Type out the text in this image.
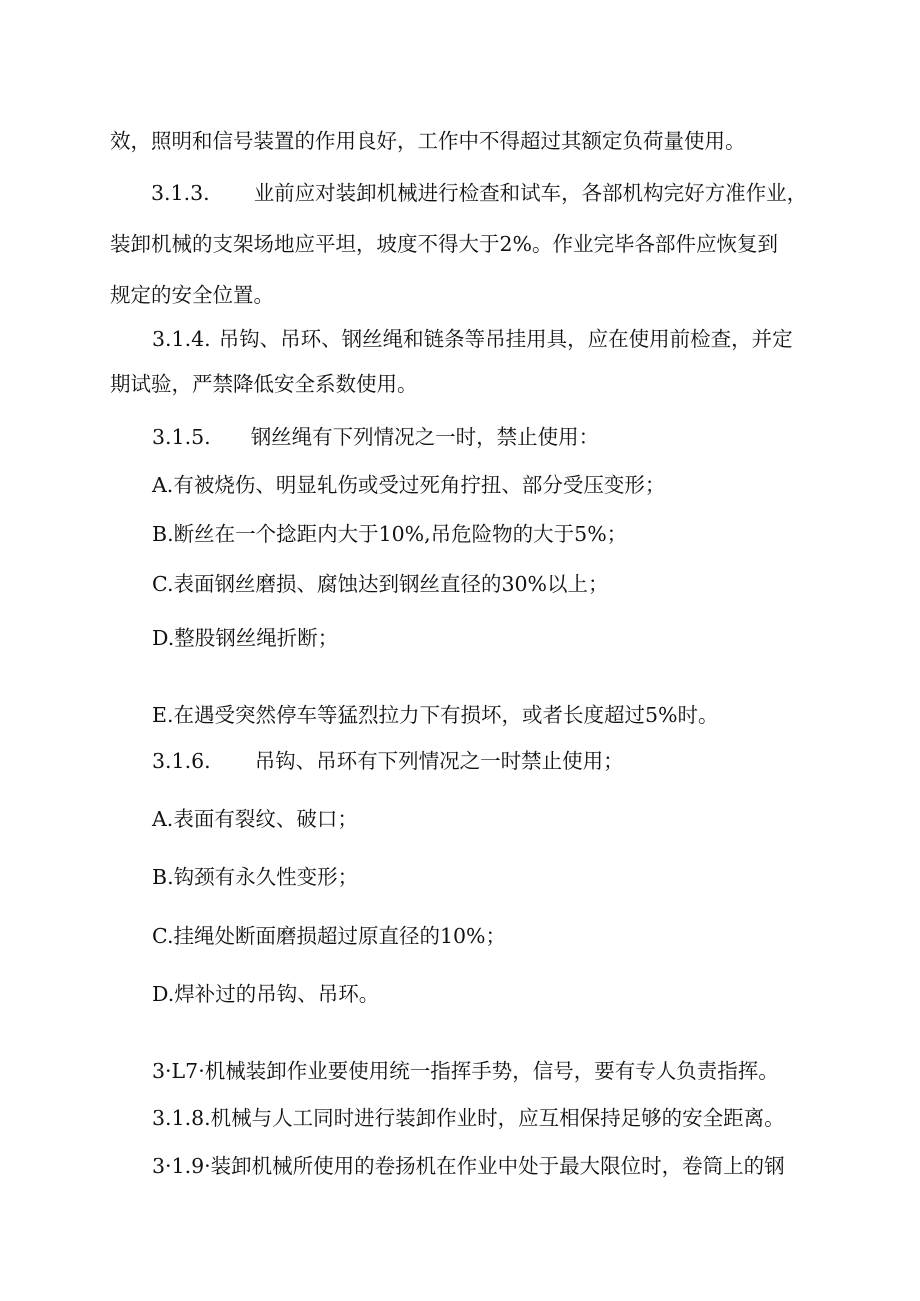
效，照明和信号装置的作用良好，工作中不得超过其额定负荷量使用。

3.1.3. 业前应对装卸机械进行检查和试车，各部机构完好方准作业，

装卸机械的支架场地应平坦，坡度不得大于2%。作业完毕各部件应恢复到

规定的安全位置。

3.1.4. 吊钩、吊环、钢丝绳和链条等吊挂用具，应在使用前检查，并定

期试验，严禁降低安全系数使用。

3.1.5. 钢丝绳有下列情况之一时，禁止使用：

A.有被烧伤、明显轧伤或受过死角拧扭、部分受压变形；

B.断丝在一个捻距内大于10%,吊危险物的大于5%；

C.表面钢丝磨损、腐蚀达到钢丝直径的30%以上；

D.整股钢丝绳折断；

E.在遇受突然停车等猛烈拉力下有损坏，或者长度超过5%时。

3.1.6. 吊钩、吊环有下列情况之一时禁止使用；

A.表面有裂纹、破口；

B.钩颈有永久性变形；

C.挂绳处断面磨损超过原直径的10%；

D.焊补过的吊钩、吊环。

3·L7·机械装卸作业要使用统一指挥手势，信号，要有专人负责指挥。

3.1.8.机械与人工同时进行装卸作业时，应互相保持足够的安全距离。

3·1.9·装卸机械所使用的卷扬机在作业中处于最大限位时，卷筒上的钢
